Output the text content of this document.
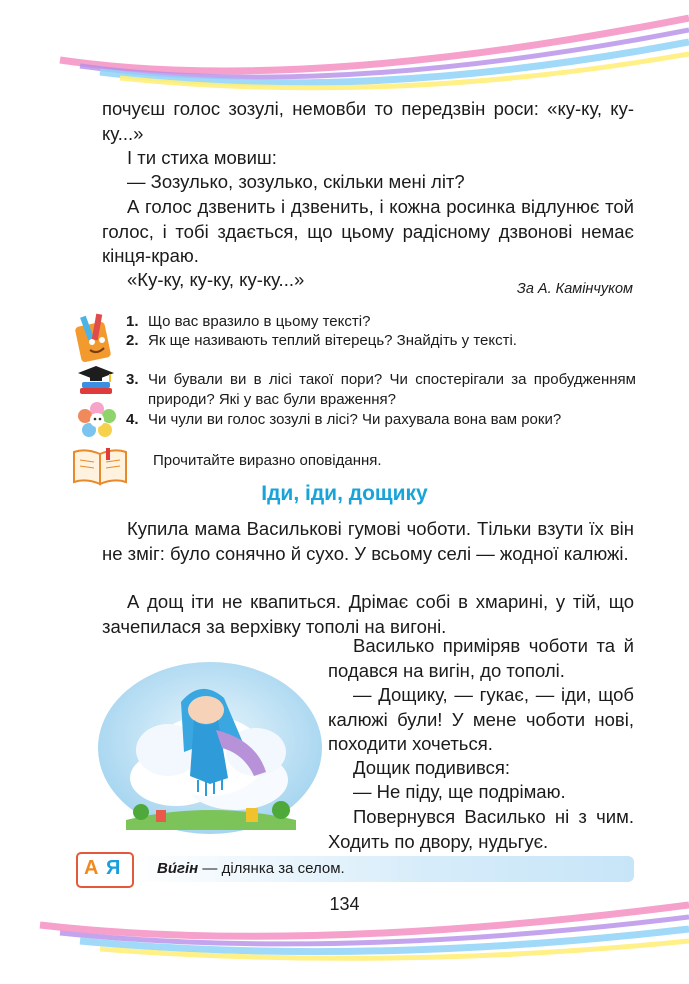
почуєш голос зозулі, немовби то передзвін роси: «ку-ку, ку-ку...»

І ти стиха мовиш:

— Зозулько, зозулько, скільки мені літ?

А голос дзвенить і дзвенить, і кожна росинка відлунює той голос, і тобі здається, що цьому радісному дзвонові немає кінця-краю.

«Ку-ку, ку-ку, ку-ку...»	За А. Камінчуком
1. Що вас вразило в цьому тексті?
2. Як ще називають теплий вітерець? Знайдіть у тексті.
3. Чи бували ви в лісі такої пори? Чи спостерігали за пробудженням природи? Які у вас були враження?
4. Чи чули ви голос зозулі в лісі? Чи рахувала вона вам роки?
Прочитайте виразно оповідання.
Іди, іди, дощику

Купила мама Василькові гумові чоботи. Тільки взути їх він не зміг: було сонячно й сухо. У всьому селі — жодної калюжі.

А дощ іти не квапиться. Дрімає собі в хмарині, у тій, що зачепилася за верхівку тополі на вигоні.

Василько приміряв чоботи та й подався на вигін, до тополі.

— Дощику, — гукає, — іди, щоб калюжі були! У мене чоботи нові, походити хочеться.

Дощик подивився:

— Не піду, ще подрімаю.

Повернувся Василько ні з чим. Ходить по двору, нудьгує.

А Я Ви́гін — ділянка за селом.
134
